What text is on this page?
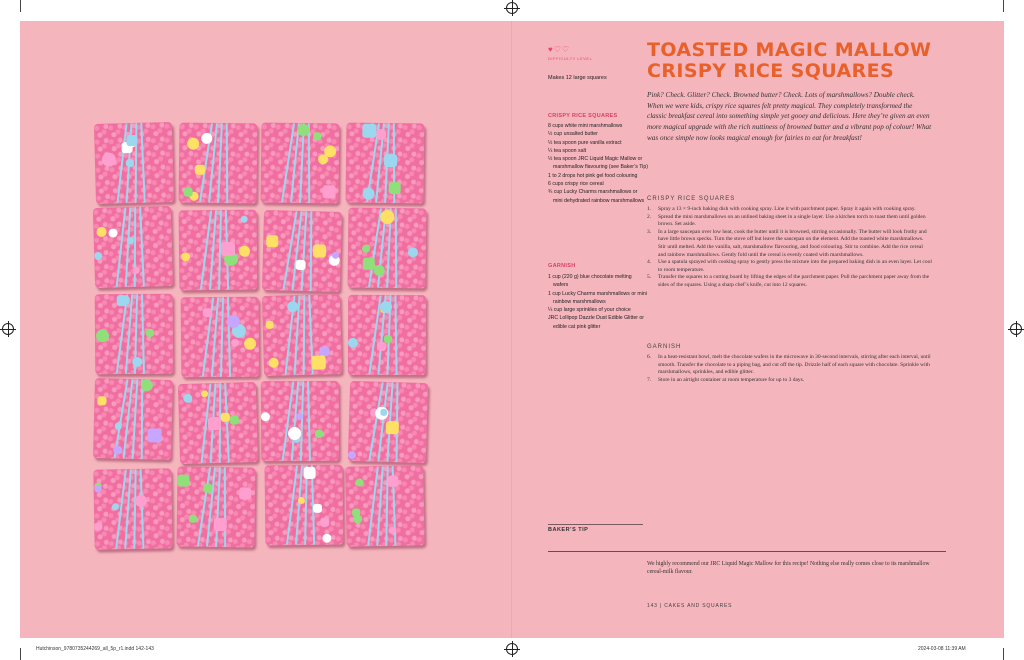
♥♡♡
DIFFICULTY LEVEL
Makes 12 large squares
CRISPY RICE SQUARES
8 cups white mini marshmallows
½ cup unsalted butter
½ tea spoon pure vanilla extract
¼ tea spoon salt
½ tea spoon JRC Liquid Magic Mallow or marshmallow flavouring (see Baker’s Tip)
1 to 2 drops hot pink gel food colouring
6 cups crispy rice cereal
¾ cup Lucky Charms marshmallows or mini dehydrated rainbow marshmallows
GARNISH
1 cup (220 g) blue chocolate melting wafers
1 cup Lucky Charms marshmallows or mini rainbow marshmallows
¼ cup large sprinkles of your choice
JRC Lollipop Dazzle Dust Edible Glitter or edible cat pink glitter
TOASTED MAGIC MALLOW
CRISPY RICE SQUARES
Pink? Check. Glitter? Check. Browned butter? Check. Lots of marshmallows? Double check. When we were kids, crispy rice squares felt pretty magical. They completely transformed the classic breakfast cereal into something simple yet gooey and delicious. Here they’re given an even more magical upgrade with the rich nuttiness of browned butter and a vibrant pop of colour! What was once simple now looks magical enough for fairies to eat for breakfast!
CRISPY RICE SQUARES
1. Spray a 13 × 9-inch baking dish with cooking spray. Line it with parchment paper. Spray it again with cooking spray.
2. Spread the mini marshmallows on an unlined baking sheet in a single layer. Use a kitchen torch to toast them until golden brown. Set aside.
3. In a large saucepan over low heat, cook the butter until it is browned, stirring occasionally. The butter will look frothy and have little brown specks. Turn the stove off but leave the saucepan on the element. Add the toasted white marshmallows. Stir until melted. Add the vanilla, salt, marshmallow flavouring, and food colouring. Stir to combine. Add the rice cereal and rainbow marshmallows. Gently fold until the cereal is evenly coated with marshmallows.
4. Use a spatula sprayed with cooking spray to gently press the mixture into the prepared baking dish in an even layer. Let cool to room temperature.
5. Transfer the squares to a cutting board by lifting the edges of the parchment paper. Pull the parchment paper away from the sides of the squares. Using a sharp chef’s knife, cut into 12 squares.
GARNISH
6. In a heat-resistant bowl, melt the chocolate wafers in the microwave in 30-second intervals, stirring after each interval, until smooth. Transfer the chocolate to a piping bag, and cut off the tip. Drizzle half of each square with chocolate. Sprinkle with marshmallows, sprinkles, and edible glitter.
7. Store in an airtight container at room temperature for up to 3 days.
BAKER’S TIP
We highly recommend our JRC Liquid Magic Mallow for this recipe! Nothing else really comes close to its marshmallow cereal-milk flavour.
143 | CAKES AND SQUARES
Hutchinson_9780735244269_all_5p_r1.indd 142-143	2024-03-08 11:39 AM
